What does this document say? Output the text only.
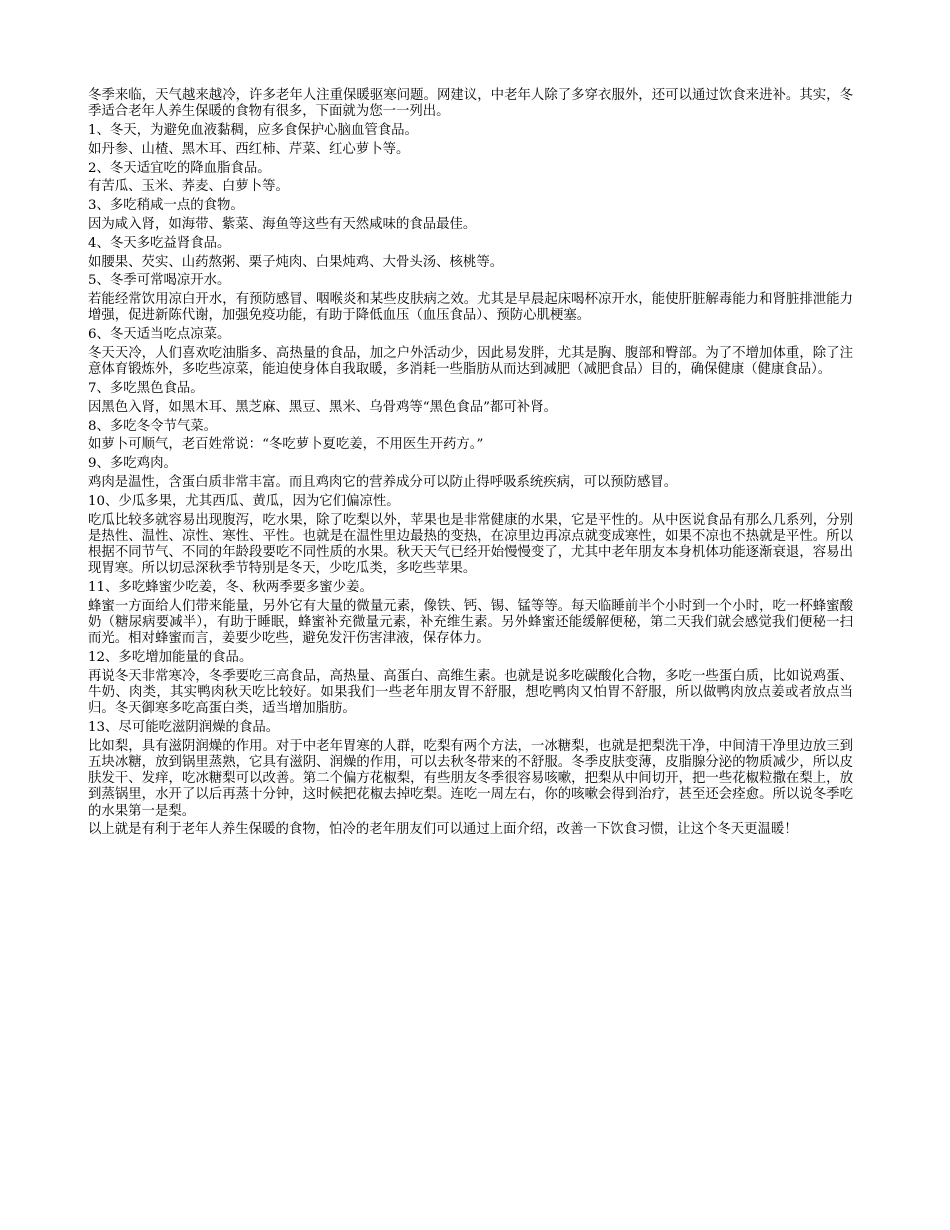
冬季来临，天气越来越冷，许多老年人注重保暖驱寒问题。网建议，中老年人除了多穿衣服外，还可以通过饮食来进补。其实，冬季适合老年人养生保暖的食物有很多，下面就为您一一列出。

1、冬天，为避免血液黏稠，应多食保护心脑血管食品。

如丹参、山楂、黑木耳、西红柿、芹菜、红心萝卜等。

2、冬天适宜吃的降血脂食品。

有苦瓜、玉米、荞麦、白萝卜等。

3、多吃稍咸一点的食物。

因为咸入肾，如海带、紫菜、海鱼等这些有天然咸味的食品最佳。

4、冬天多吃益肾食品。

如腰果、芡实、山药熬粥、栗子炖肉、白果炖鸡、大骨头汤、核桃等。

5、冬季可常喝凉开水。

若能经常饮用凉白开水，有预防感冒、咽喉炎和某些皮肤病之效。尤其是早晨起床喝杯凉开水，能使肝脏解毒能力和肾脏排泄能力增强，促进新陈代谢，加强免疫功能，有助于降低血压（血压食品）、预防心肌梗塞。

6、冬天适当吃点凉菜。

冬天天冷，人们喜欢吃油脂多、高热量的食品，加之户外活动少，因此易发胖，尤其是胸、腹部和臀部。为了不增加体重，除了注意体育锻炼外，多吃些凉菜，能迫使身体自我取暖，多消耗一些脂肪从而达到减肥（减肥食品）目的，确保健康（健康食品）。

7、多吃黑色食品。

因黑色入肾，如黑木耳、黑芝麻、黑豆、黑米、乌骨鸡等“黑色食品”都可补肾。

8、多吃冬令节气菜。

如萝卜可顺气，老百姓常说：“冬吃萝卜夏吃姜，不用医生开药方。”

9、多吃鸡肉。

鸡肉是温性，含蛋白质非常丰富。而且鸡肉它的营养成分可以防止得呼吸系统疾病，可以预防感冒。

10、少瓜多果，尤其西瓜、黄瓜，因为它们偏凉性。

吃瓜比较多就容易出现腹泻，吃水果，除了吃梨以外，苹果也是非常健康的水果，它是平性的。从中医说食品有那么几系列，分别是热性、温性、凉性、寒性、平性。也就是在温性里边最热的变热，在凉里边再凉点就变成寒性，如果不凉也不热就是平性。所以根据不同节气、不同的年龄段要吃不同性质的水果。秋天天气已经开始慢慢变了，尤其中老年朋友本身机体功能逐渐衰退，容易出现胃寒。所以切忌深秋季节特别是冬天，少吃瓜类，多吃些苹果。

11、多吃蜂蜜少吃姜，冬、秋两季要多蜜少姜。

蜂蜜一方面给人们带来能量，另外它有大量的微量元素，像铁、钙、锡、锰等等。每天临睡前半个小时到一个小时，吃一杯蜂蜜酸奶（糖尿病要减半），有助于睡眠，蜂蜜补充微量元素，补充维生素。另外蜂蜜还能缓解便秘，第二天我们就会感觉我们便秘一扫而光。相对蜂蜜而言，姜要少吃些，避免发汗伤害津液，保存体力。

12、多吃增加能量的食品。

再说冬天非常寒冷，冬季要吃三高食品，高热量、高蛋白、高维生素。也就是说多吃碳酸化合物，多吃一些蛋白质，比如说鸡蛋、牛奶、肉类，其实鸭肉秋天吃比较好。如果我们一些老年朋友胃不舒服，想吃鸭肉又怕胃不舒服，所以做鸭肉放点姜或者放点当归。冬天御寒多吃高蛋白类，适当增加脂肪。

13、尽可能吃滋阴润燥的食品。

比如梨，具有滋阴润燥的作用。对于中老年胃寒的人群，吃梨有两个方法，一冰糖梨，也就是把梨洗干净，中间清干净里边放三到五块冰糖，放到锅里蒸熟，它具有滋阴、润燥的作用，可以去秋冬带来的不舒服。冬季皮肤变薄，皮脂腺分泌的物质减少，所以皮肤发干、发痒，吃冰糖梨可以改善。第二个偏方花椒梨，有些朋友冬季很容易咳嗽，把梨从中间切开，把一些花椒粒撒在梨上，放到蒸锅里，水开了以后再蒸十分钟，这时候把花椒去掉吃梨。连吃一周左右，你的咳嗽会得到治疗，甚至还会痊愈。所以说冬季吃的水果第一是梨。

以上就是有利于老年人养生保暖的食物，怕冷的老年朋友们可以通过上面介绍，改善一下饮食习惯，让这个冬天更温暖！
